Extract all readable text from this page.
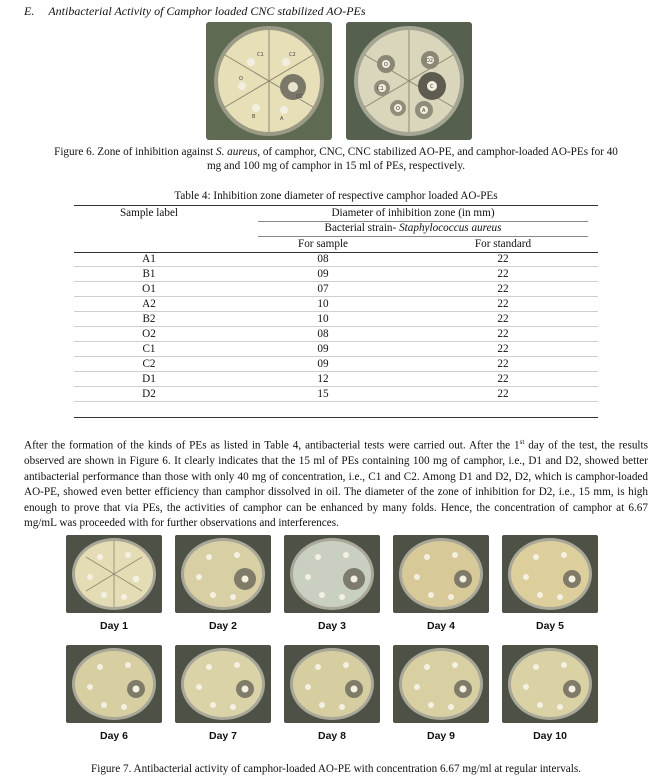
E. Antibacterial Activity of Camphor loaded CNC stabilized AO-PEs
C1	C2
O
D2
B	A
O
D2
C
C1
O	A
Figure 6. Zone of inhibition against S. aureus, of camphor, CNC, CNC stabilized AO-PE, and camphor-loaded AO-PEs for 40 mg and 100 mg of camphor in 15 ml of PEs, respectively.
Table 4: Inhibition zone diameter of respective camphor loaded AO-PEs
Sample label	Diameter of inhibition zone (in mm)
Bacterial strain- Staphylococcus aureus
For sample	For standard
A1	08	22
B1	09	22
O1	07	22
A2	10	22
B2	10	22
O2	08	22
C1	09	22
C2	09	22
D1	12	22
D2	15	22
After the formation of the kinds of PEs as listed in Table 4, antibacterial tests were carried out. After the 1st day of the test, the results observed are shown in Figure 6. It clearly indicates that the 15 ml of PEs containing 100 mg of camphor, i.e., D1 and D2, showed better antibacterial performance than those with only 40 mg of concentration, i.e., C1 and C2. Among D1 and D2, D2, which is camphor-loaded AO-PE, showed even better efficiency than camphor dissolved in oil. The diameter of the zone of inhibition for D2, i.e., 15 mm, is high enough to prove that via PEs, the activities of camphor can be enhanced by many folds. Hence, the concentration of camphor at 6.67 mg/mL was proceeded with for further observations and interferences.
Day 1	Day 2	Day 3	Day 4	Day 5
Day 6	Day 7	Day 8	Day 9	Day 10
Figure 7. Antibacterial activity of camphor-loaded AO-PE with concentration 6.67 mg/ml at regular intervals.
